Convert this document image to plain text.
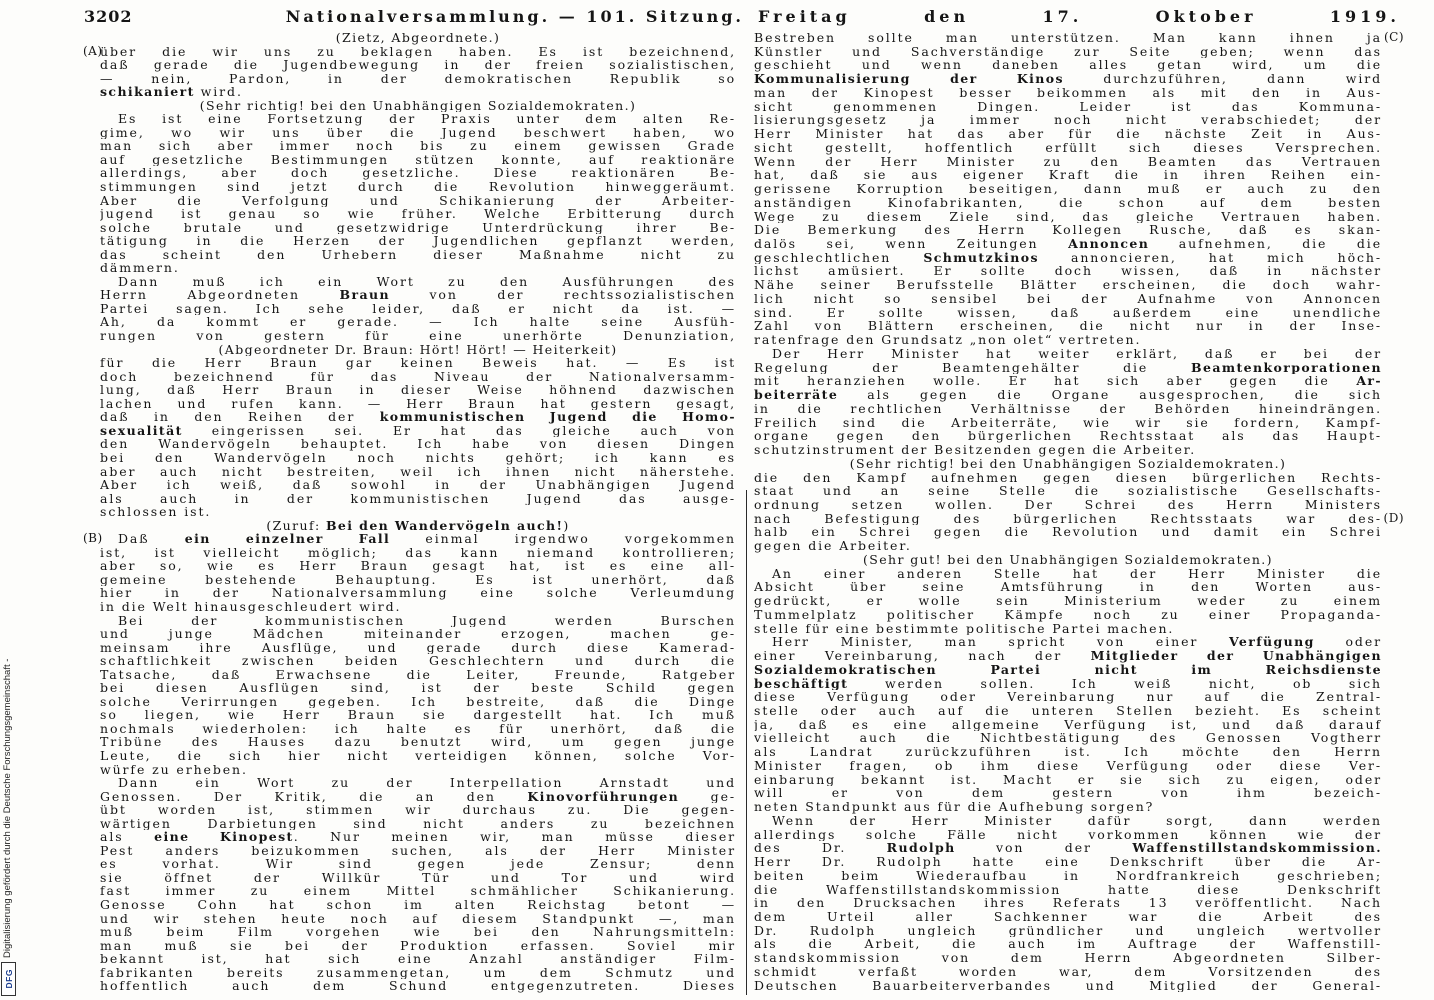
3202	Nationalversammlung. — 101. Sitzung. Freitag den 17. Oktober 1919.
(Zietz, Abgeordnete.)
(A)
über die wir uns zu beklagen haben. Es ist bezeichnend,
daß gerade die Jugendbewegung in der freien sozialistischen,
— nein, Pardon, in der demokratischen Republik so
schikaniert wird.
(Sehr richtig! bei den Unabhängigen Sozialdemokraten.)
Es ist eine Fortsetzung der Praxis unter dem alten Re-
gime, wo wir uns über die Jugend beschwert haben, wo
man sich aber immer noch bis zu einem gewissen Grade
auf gesetzliche Bestimmungen stützen konnte, auf reaktionäre
allerdings, aber doch gesetzliche. Diese reaktionären Be-
stimmungen sind jetzt durch die Revolution hinweggeräumt.
Aber die Verfolgung und Schikanierung der Arbeiter-
jugend ist genau so wie früher. Welche Erbitterung durch
solche brutale und gesetzwidrige Unterdrückung ihrer Be-
tätigung in die Herzen der Jugendlichen gepflanzt werden,
das scheint den Urhebern dieser Maßnahme nicht zu
dämmern.
Dann muß ich ein Wort zu den Ausführungen des
Herrn Abgeordneten Braun von der rechtssozialistischen
Partei sagen. Ich sehe leider, daß er nicht da ist. —
Ah, da kommt er gerade. — Ich halte seine Ausfüh-
rungen von gestern für eine unerhörte Denunziation,
(Abgeordneter Dr. Braun: Hört! Hört! — Heiterkeit)
für die Herr Braun gar keinen Beweis hat. — Es ist
doch bezeichnend für das Niveau der Nationalversamm-
lung, daß Herr Braun in dieser Weise höhnend dazwischen
lachen und rufen kann. — Herr Braun hat gestern gesagt,
daß in den Reihen der kommunistischen Jugend die Homo-
sexualität eingerissen sei. Er hat das gleiche auch von
den Wandervögeln behauptet. Ich habe von diesen Dingen
bei den Wandervögeln noch nichts gehört; ich kann es
aber auch nicht bestreiten, weil ich ihnen nicht näherstehe.
Aber ich weiß, daß sowohl in der Unabhängigen Jugend
als auch in der kommunistischen Jugend das ausge-
schlossen ist.
(Zuruf: Bei den Wandervögeln auch!)
(B)	Daß ein einzelner Fall einmal irgendwo vorgekommen
ist, ist vielleicht möglich; das kann niemand kontrollieren;
aber so, wie es Herr Braun gesagt hat, ist es eine all-
gemeine bestehende Behauptung. Es ist unerhört, daß
hier in der Nationalversammlung eine solche Verleumdung
in die Welt hinausgeschleudert wird.
Bei der kommunistischen Jugend werden Burschen
und junge Mädchen miteinander erzogen, machen ge-
meinsam ihre Ausflüge, und gerade durch diese Kamerad-
schaftlichkeit zwischen beiden Geschlechtern und durch die
Tatsache, daß Erwachsene die Leiter, Freunde, Ratgeber
bei diesen Ausflügen sind, ist der beste Schild gegen
solche Verirrungen gegeben. Ich bestreite, daß die Dinge
so liegen, wie Herr Braun sie dargestellt hat. Ich muß
nochmals wiederholen: ich halte es für unerhört, daß die
Tribüne des Hauses dazu benutzt wird, um gegen junge
Leute, die sich hier nicht verteidigen können, solche Vor-
würfe zu erheben.
Dann ein Wort zu der Interpellation Arnstadt und
Genossen. Der Kritik, die an den Kinovorführungen ge-
übt worden ist, stimmen wir durchaus zu. Die gegen-
wärtigen Darbietungen sind nicht anders zu bezeichnen
als eine Kinopest. Nur meinen wir, man müsse dieser
Pest anders beizukommen suchen, als der Herr Minister
es vorhat. Wir sind gegen jede Zensur; denn
sie öffnet der Willkür Tür und Tor und wird
fast immer zu einem Mittel schmählicher Schikanierung.
Genosse Cohn hat schon im alten Reichstag betont —
und wir stehen heute noch auf diesem Standpunkt —, man
muß beim Film vorgehen wie bei den Nahrungsmitteln:
man muß sie bei der Produktion erfassen. Soviel mir
bekannt ist, hat sich eine Anzahl anständiger Film-
fabrikanten bereits zusammengetan, um dem Schmutz und
hoffentlich auch dem Schund entgegenzutreten. Dieses
(C)
Bestreben sollte man unterstützen. Man kann ihnen ja
Künstler und Sachverständige zur Seite geben; wenn das
geschieht und wenn daneben alles getan wird, um die
Kommunalisierung der Kinos durchzuführen, dann wird
man der Kinopest besser beikommen als mit den in Aus-
sicht genommenen Dingen. Leider ist das Kommuna-
lisierungsgesetz ja immer noch nicht verabschiedet; der
Herr Minister hat das aber für die nächste Zeit in Aus-
sicht gestellt, hoffentlich erfüllt sich dieses Versprechen.
Wenn der Herr Minister zu den Beamten das Vertrauen
hat, daß sie aus eigener Kraft die in ihren Reihen ein-
gerissene Korruption beseitigen, dann muß er auch zu den
anständigen Kinofabrikanten, die schon auf dem besten
Wege zu diesem Ziele sind, das gleiche Vertrauen haben.
Die Bemerkung des Herrn Kollegen Rusche, daß es skan-
dalös sei, wenn Zeitungen Annoncen aufnehmen, die die
geschlechtlichen Schmutzkinos annoncieren, hat mich höch-
lichst amüsiert. Er sollte doch wissen, daß in nächster
Nähe seiner Berufsstelle Blätter erscheinen, die doch wahr-
lich nicht so sensibel bei der Aufnahme von Annoncen
sind. Er sollte wissen, daß außerdem eine unendliche
Zahl von Blättern erscheinen, die nicht nur in der Inse-
ratenfrage den Grundsatz „non olet“ vertreten.
Der Herr Minister hat weiter erklärt, daß er bei der
Regelung der Beamtengehälter die Beamtenkorporationen
mit heranziehen wolle. Er hat sich aber gegen die Ar-
beiterräte als gegen die Organe ausgesprochen, die sich
in die rechtlichen Verhältnisse der Behörden hineindrängen.
Freilich sind die Arbeiterräte, wie wir sie fordern, Kampf-
organe gegen den bürgerlichen Rechtsstaat als das Haupt-
schutzinstrument der Besitzenden gegen die Arbeiter.
(Sehr richtig! bei den Unabhängigen Sozialdemokraten.)
die den Kampf aufnehmen gegen diesen bürgerlichen Rechts-
staat und an seine Stelle die sozialistische Gesellschafts-
ordnung setzen wollen. Der Schrei des Herrn Ministers
(D)
nach Befestigung des bürgerlichen Rechtsstaats war des-
halb ein Schrei gegen die Revolution und damit ein Schrei
gegen die Arbeiter.
(Sehr gut! bei den Unabhängigen Sozialdemokraten.)
An einer anderen Stelle hat der Herr Minister die
Absicht über seine Amtsführung in den Worten aus-
gedrückt, er wolle sein Ministerium weder zu einem
Tummelplatz politischer Kämpfe noch zu einer Propaganda-
stelle für eine bestimmte politische Partei machen.
Herr Minister, man spricht von einer Verfügung oder
einer Vereinbarung, nach der Mitglieder der Unabhängigen
Sozialdemokratischen Partei nicht im Reichsdienste
beschäftigt werden sollen. Ich weiß nicht, ob sich
diese Verfügung oder Vereinbarung nur auf die Zentral-
stelle oder auch auf die unteren Stellen bezieht. Es scheint
ja, daß es eine allgemeine Verfügung ist, und daß darauf
vielleicht auch die Nichtbestätigung des Genossen Vogtherr
als Landrat zurückzuführen ist. Ich möchte den Herrn
Minister fragen, ob ihm diese Verfügung oder diese Ver-
einbarung bekannt ist. Macht er sie sich zu eigen, oder
will er von dem gestern von ihm bezeich-
neten Standpunkt aus für die Aufhebung sorgen?
Wenn der Herr Minister dafür sorgt, dann werden
allerdings solche Fälle nicht vorkommen können wie der
des Dr. Rudolph von der Waffenstillstandskommission.
Herr Dr. Rudolph hatte eine Denkschrift über die Ar-
beiten beim Wiederaufbau in Nordfrankreich geschrieben;
die Waffenstillstandskommission hatte diese Denkschrift
in den Drucksachen ihres Referats 13 veröffentlicht. Nach
dem Urteil aller Sachkenner war die Arbeit des
Dr. Rudolph ungleich gründlicher und ungleich wertvoller
als die Arbeit, die auch im Auftrage der Waffenstill-
standskommission von dem Herrn Abgeordneten Silber-
schmidt verfaßt worden war, dem Vorsitzenden des
Deutschen Bauarbeiterverbandes und Mitglied der General-
Digitalisierung gefördert durch die Deutsche Forschungsgemeinschaft -
DFG
